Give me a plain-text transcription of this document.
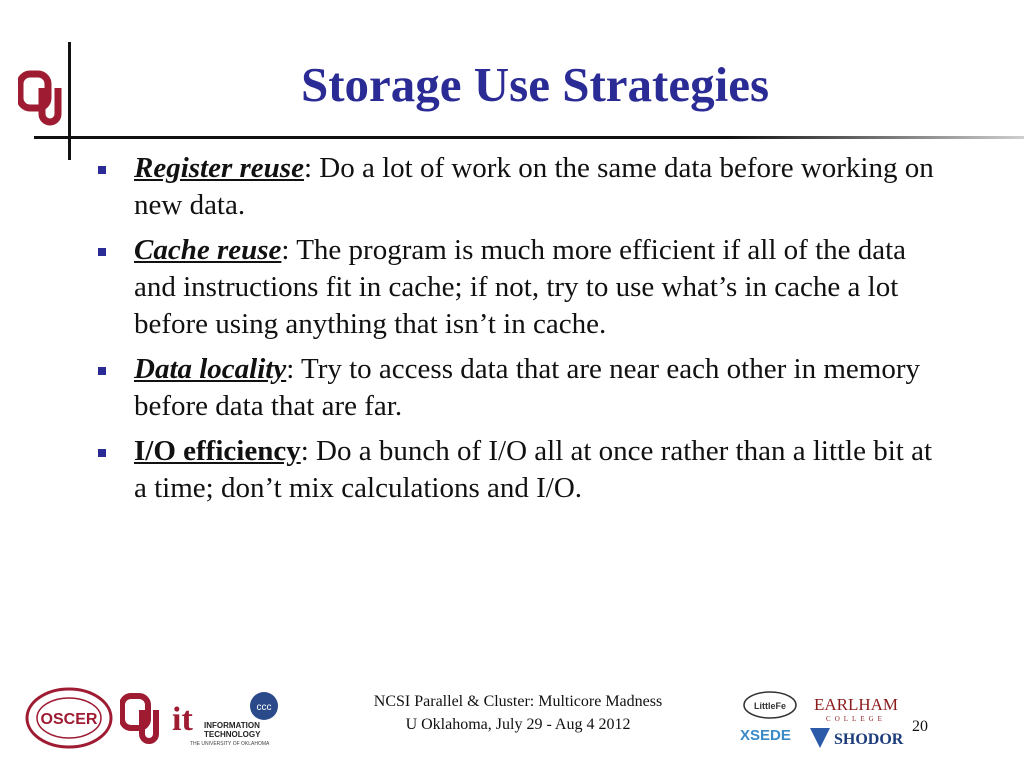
Storage Use Strategies
Register reuse: Do a lot of work on the same data before working on new data.
Cache reuse: The program is much more efficient if all of the data and instructions fit in cache; if not, try to use what’s in cache a lot before using anything that isn’t in cache.
Data locality: Try to access data that are near each other in memory before data that are far.
I/O efficiency: Do a bunch of I/O all at once rather than a little bit at a time; don’t mix calculations and I/O.
OSCER it	ccc
INFORMATION
TECHNOLOGY
THE UNIVERSITY OF OKLAHOMA
NCSI Parallel & Cluster: Multicore Madness
U Oklahoma, July 29 - Aug 4 2012
LittleFe EARLHAM
COLLEGE
XSEDE	SHODOR
20
